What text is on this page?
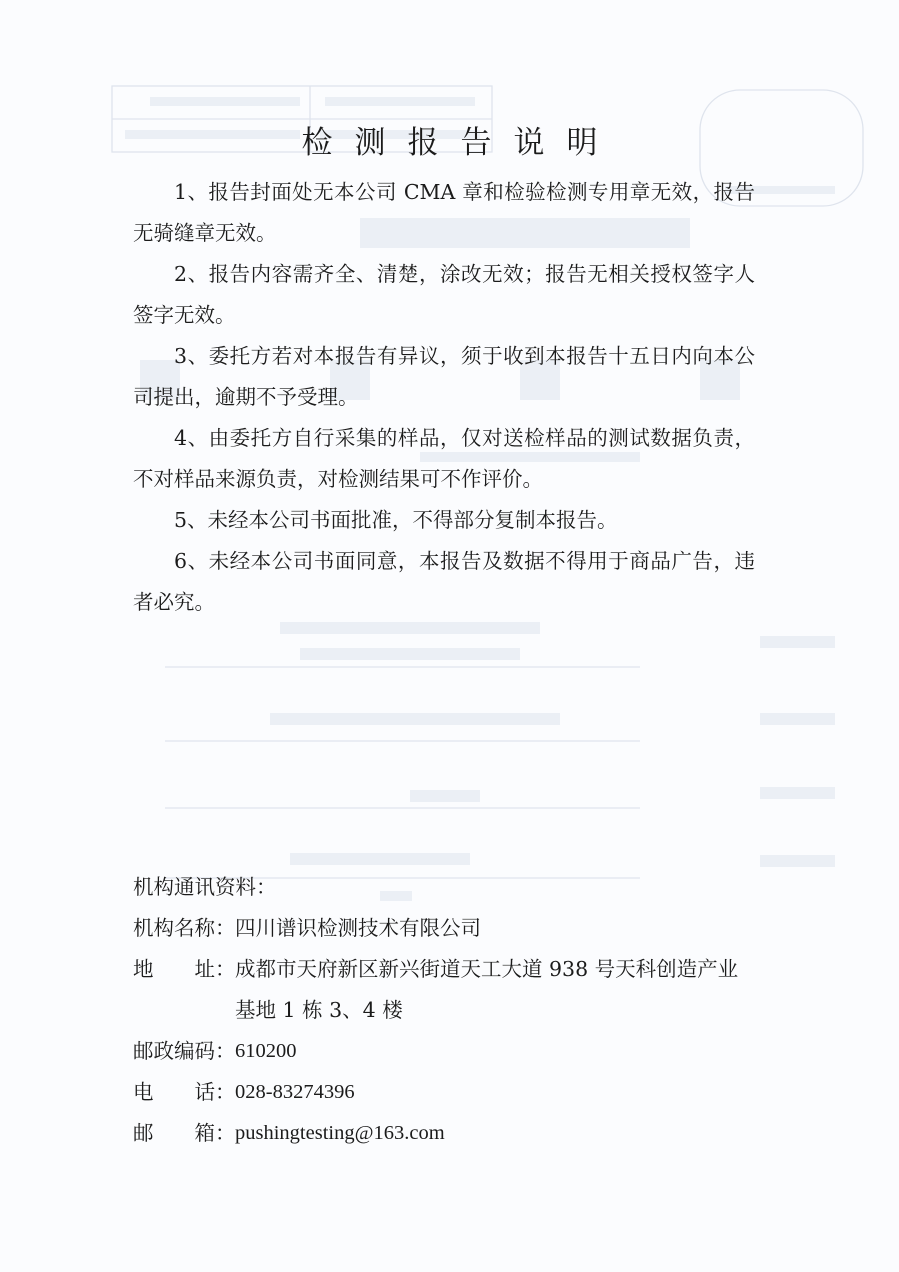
检测报告说明
1、报告封面处无本公司 CMA 章和检验检测专用章无效，报告
无骑缝章无效。
2、报告内容需齐全、清楚，涂改无效；报告无相关授权签字人
签字无效。
3、委托方若对本报告有异议，须于收到本报告十五日内向本公
司提出，逾期不予受理。
4、由委托方自行采集的样品，仅对送检样品的测试数据负责，
不对样品来源负责，对检测结果可不作评价。
5、未经本公司书面批准，不得部分复制本报告。
6、未经本公司书面同意，本报告及数据不得用于商品广告，违
者必究。
机构通讯资料：
机构名称 ： 四川谱识检测技术有限公司
地址 ： 成都市天府新区新兴街道天工大道 938 号天科创造产业
基地 1 栋 3、4 楼
邮政编码 ： 610200
电话 ： 028-83274396
邮箱 ： pushingtesting@163.com
